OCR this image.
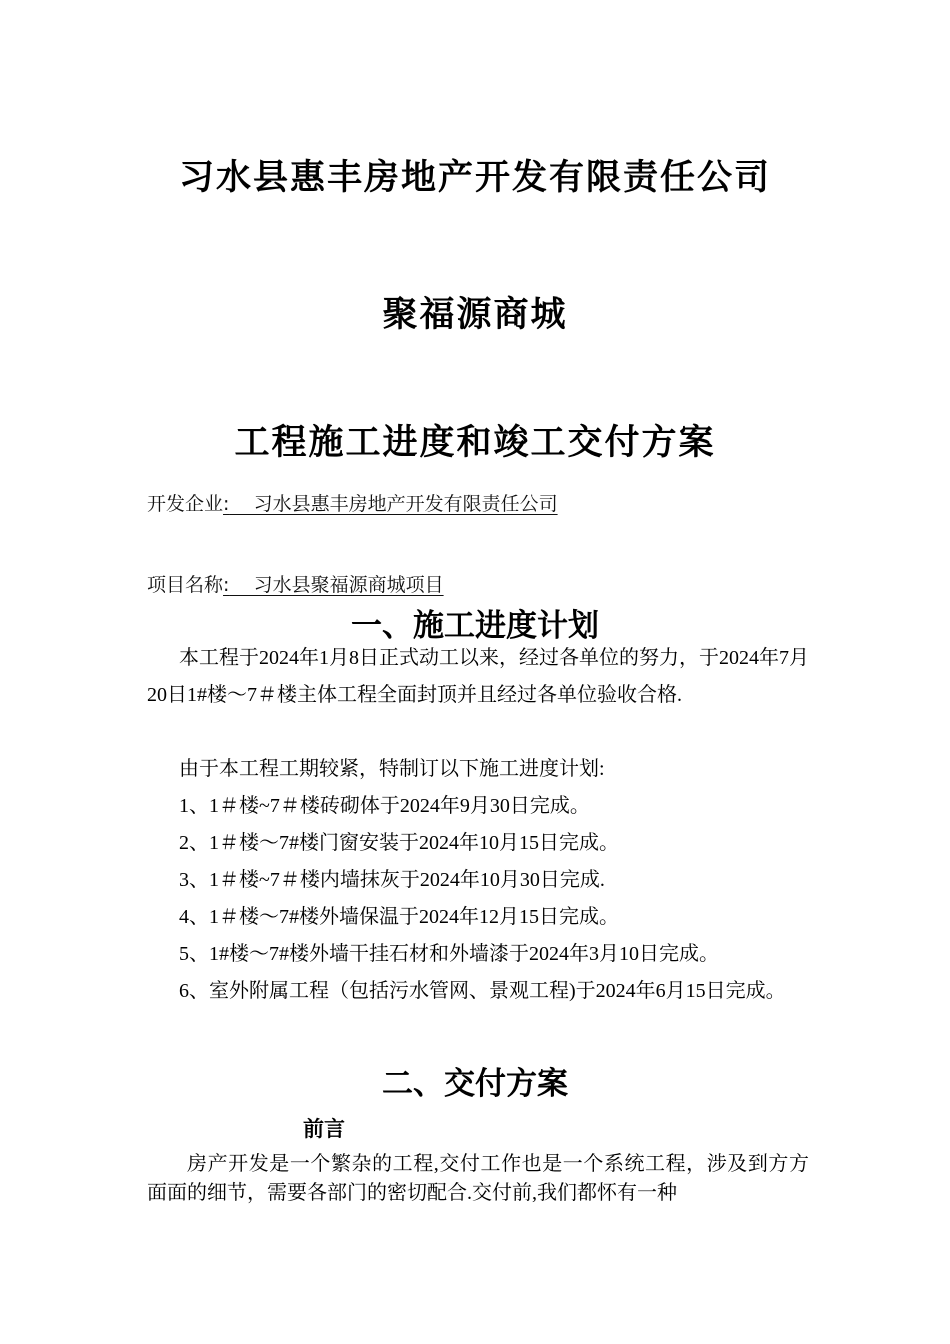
习水县惠丰房地产开发有限责任公司
聚福源商城
工程施工进度和竣工交付方案
开发企业:    习水县惠丰房地产开发有限责任公司
项目名称:    习水县聚福源商城项目
一、施工进度计划
本工程于2024年1月8日正式动工以来，经过各单位的努力，于2024年7月20日1#楼～7＃楼主体工程全面封顶并且经过各单位验收合格.
由于本工程工期较紧，特制订以下施工进度计划:
1、1＃楼~7＃楼砖砌体于2024年9月30日完成。
2、1＃楼～7#楼门窗安装于2024年10月15日完成。
3、1＃楼~7＃楼内墙抹灰于2024年10月30日完成.
4、1＃楼～7#楼外墙保温于2024年12月15日完成。
5、1#楼～7#楼外墙干挂石材和外墙漆于2024年3月10日完成。
6、室外附属工程（包括污水管网、景观工程)于2024年6月15日完成。
二、交付方案
前言
房产开发是一个繁杂的工程,交付工作也是一个系统工程，涉及到方方面面的细节，需要各部门的密切配合.交付前,我们都怀有一种
